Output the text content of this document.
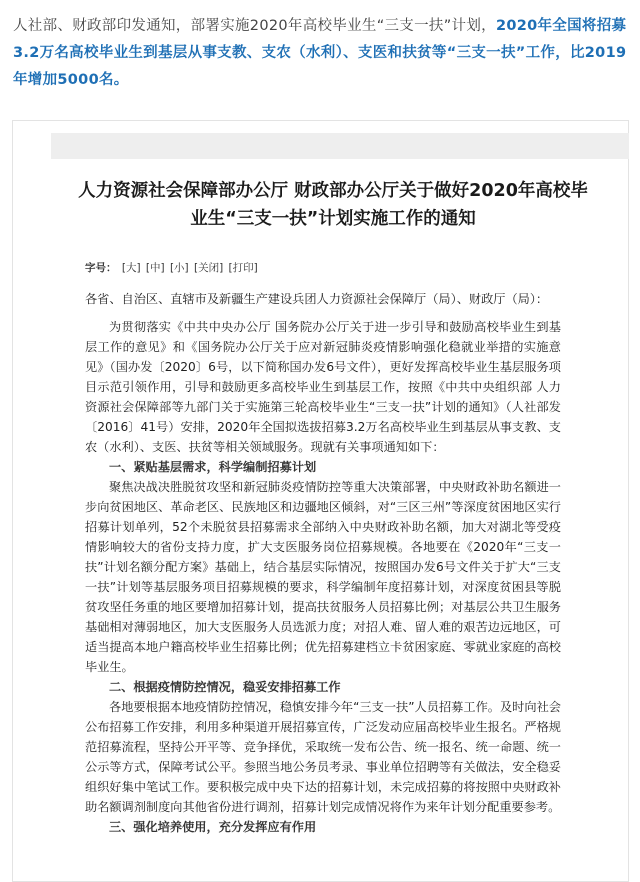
人社部、财政部印发通知，部署实施2020年高校毕业生“三支一扶”计划，2020年全国将招募3.2万名高校毕业生到基层从事支教、支农（水利）、支医和扶贫等“三支一扶”工作，比2019年增加5000名。
人力资源社会保障部办公厅 财政部办公厅关于做好2020年高校毕业生“三支一扶”计划实施工作的通知
字号： [大] [中] [小] [关闭] [打印]

各省、自治区、直辖市及新疆生产建设兵团人力资源社会保障厅（局）、财政厅（局）：

为贯彻落实《中共中央办公厅 国务院办公厅关于进一步引导和鼓励高校毕业生到基层工作的意见》和《国务院办公厅关于应对新冠肺炎疫情影响强化稳就业举措的实施意见》（国办发〔2020〕6号，以下简称国办发6号文件），更好发挥高校毕业生基层服务项目示范引领作用，引导和鼓励更多高校毕业生到基层工作，按照《中共中央组织部 人力资源社会保障部等九部门关于实施第三轮高校毕业生“三支一扶”计划的通知》（人社部发〔2016〕41号）安排，2020年全国拟选拔招募3.2万名高校毕业生到基层从事支教、支农（水利）、支医、扶贫等相关领域服务。现就有关事项通知如下：

一、紧贴基层需求，科学编制招募计划

聚焦决战决胜脱贫攻坚和新冠肺炎疫情防控等重大决策部署，中央财政补助名额进一步向贫困地区、革命老区、民族地区和边疆地区倾斜，对“三区三州”等深度贫困地区实行招募计划单列，52个未脱贫县招募需求全部纳入中央财政补助名额，加大对湖北等受疫情影响较大的省份支持力度，扩大支医服务岗位招募规模。各地要在《2020年“三支一扶”计划名额分配方案》基础上，结合基层实际情况，按照国办发6号文件关于扩大“三支一扶”计划等基层服务项目招募规模的要求，科学编制年度招募计划，对深度贫困县等脱贫攻坚任务重的地区要增加招募计划，提高扶贫服务人员招募比例；对基层公共卫生服务基础相对薄弱地区，加大支医服务人员选派力度；对招人难、留人难的艰苦边远地区，可适当提高本地户籍高校毕业生招募比例；优先招募建档立卡贫困家庭、零就业家庭的高校毕业生。

二、根据疫情防控情况，稳妥安排招募工作

各地要根据本地疫情防控情况，稳慎安排今年“三支一扶”人员招募工作。及时向社会公布招募工作安排，利用多种渠道开展招募宣传，广泛发动应届高校毕业生报名。严格规范招募流程，坚持公开平等、竞争择优，采取统一发布公告、统一报名、统一命题、统一公示等方式，保障考试公平。参照当地公务员考录、事业单位招聘等有关做法，安全稳妥组织好集中笔试工作。要积极完成中央下达的招募计划，未完成招募的将按照中央财政补助名额调剂制度向其他省份进行调剂，招募计划完成情况将作为来年计划分配重要参考。

三、强化培养使用，充分发挥应有作用
